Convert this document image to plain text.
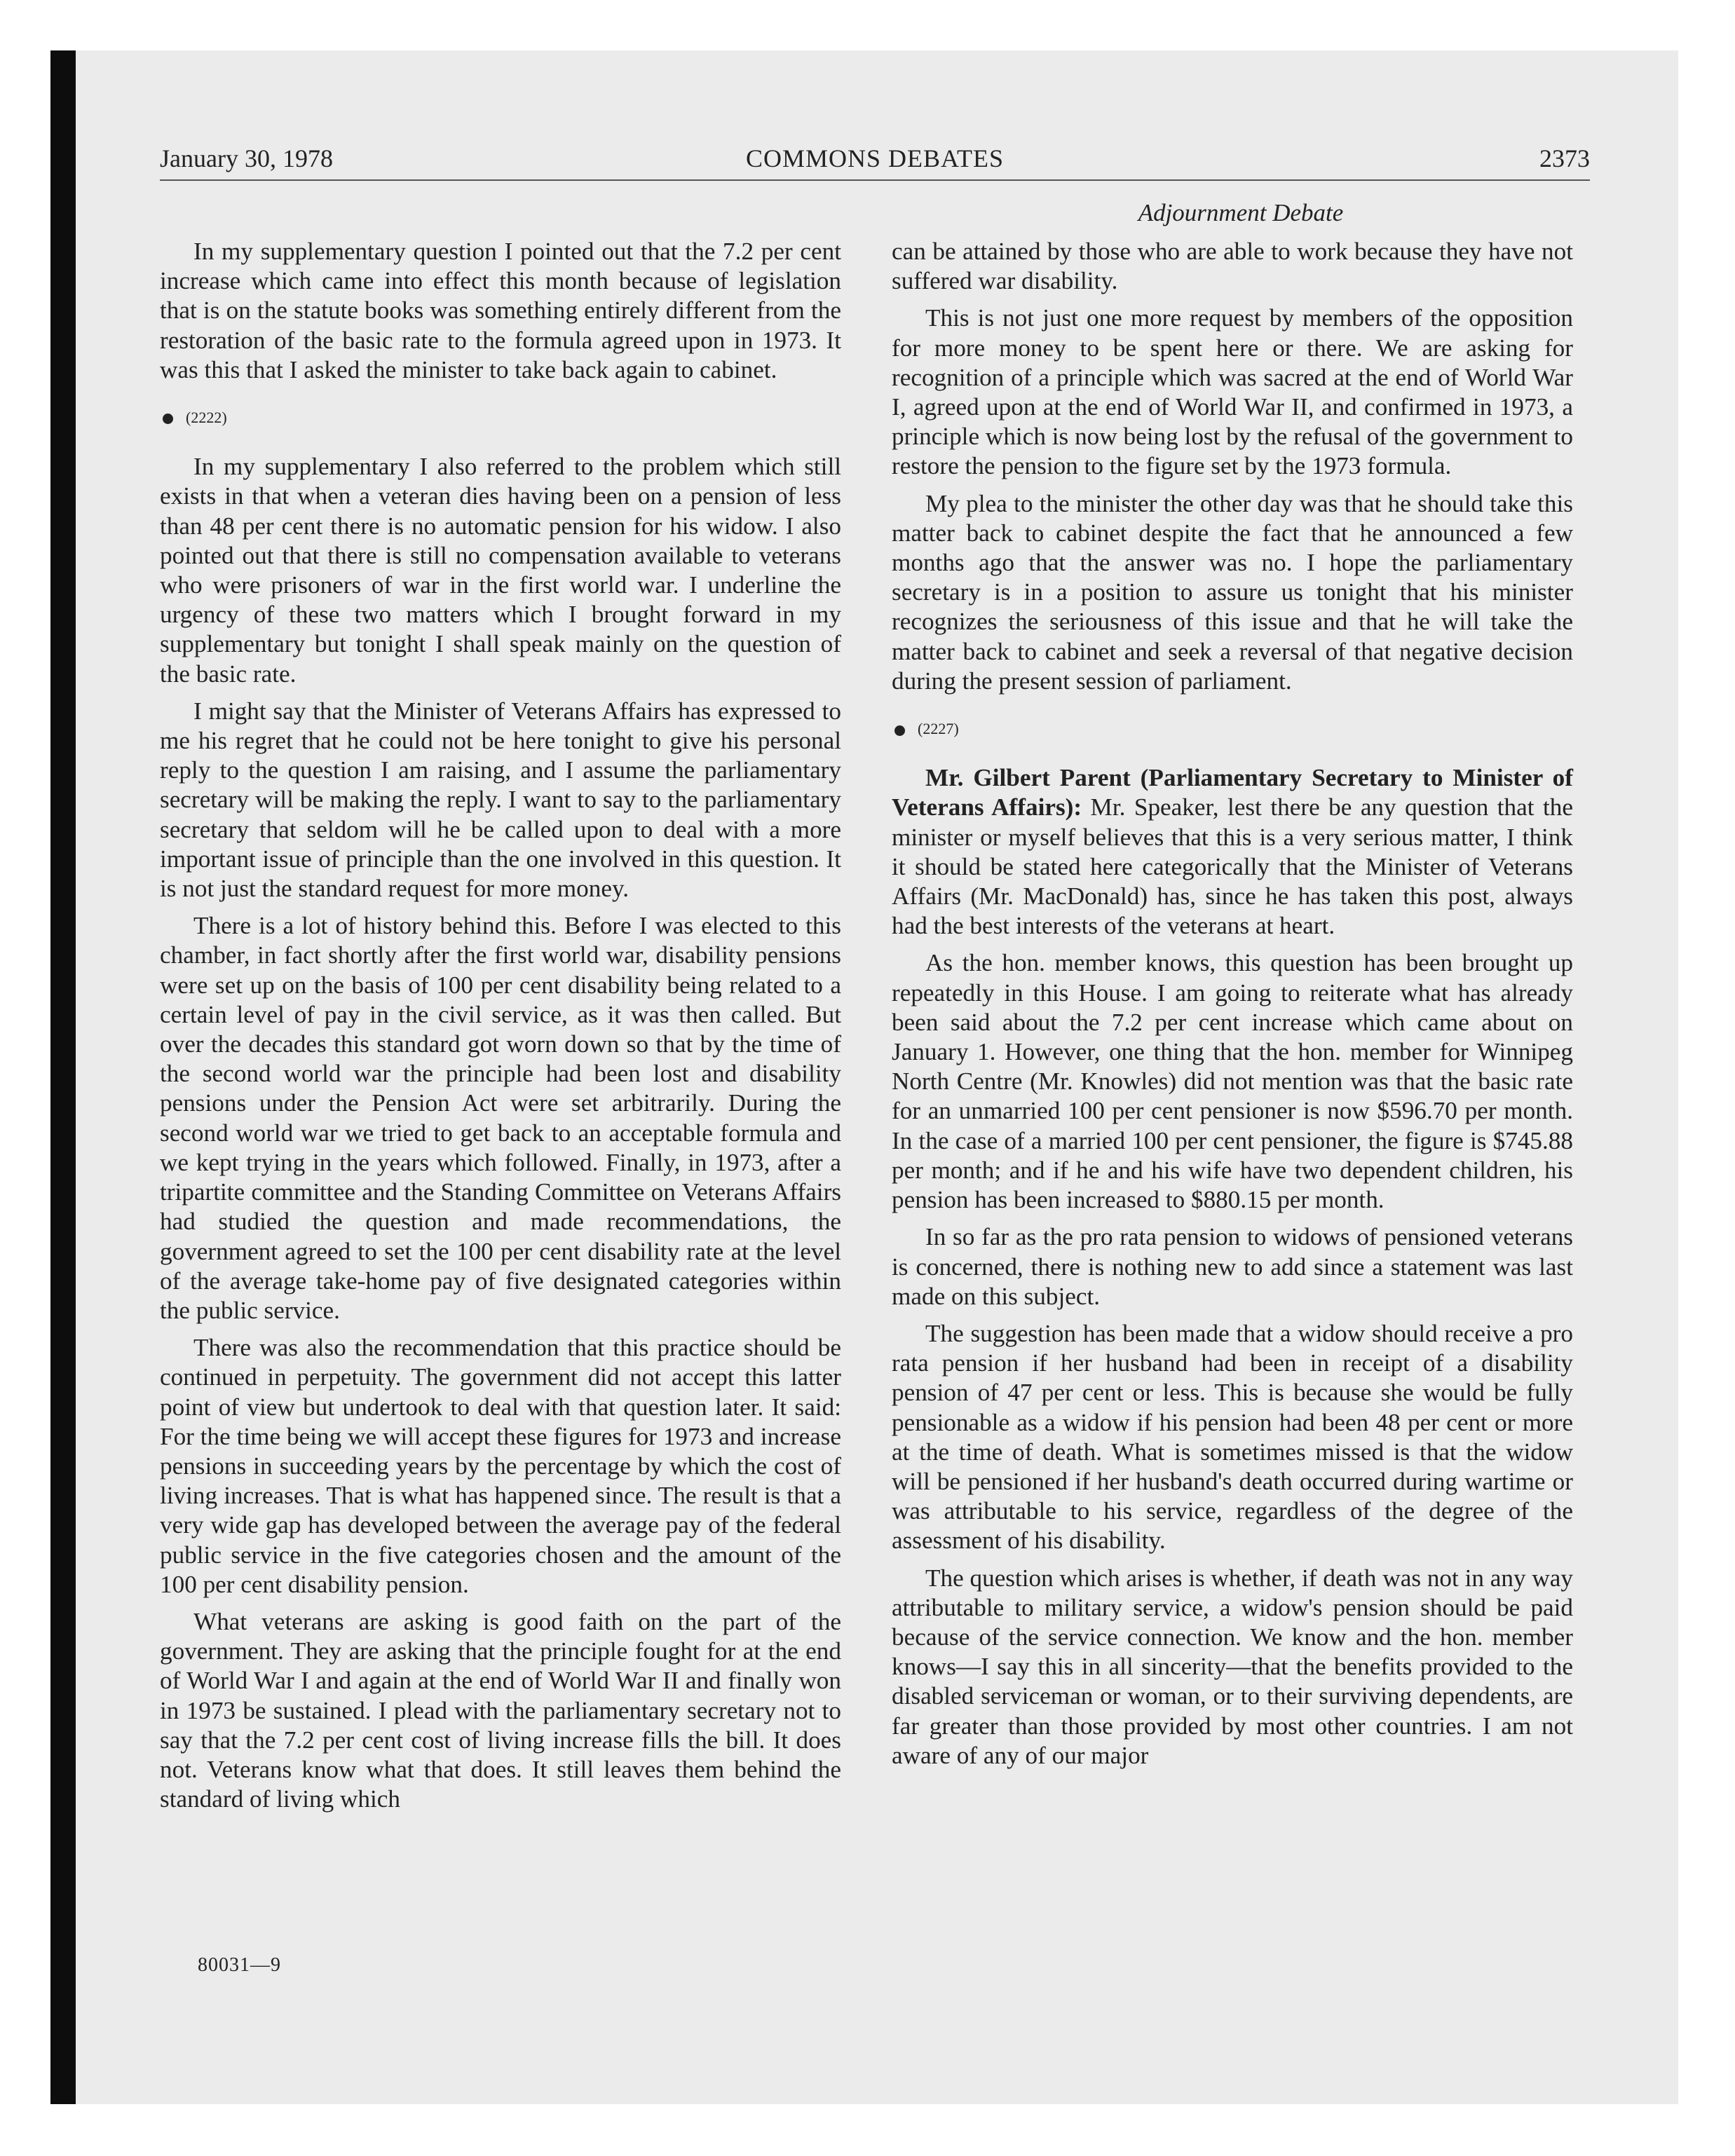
January 30, 1978	COMMONS DEBATES	2373
Adjournment Debate

In my supplementary question I pointed out that the 7.2 per cent increase which came into effect this month because of legislation that is on the statute books was something entirely different from the restoration of the basic rate to the formula agreed upon in 1973. It was this that I asked the minister to take back again to cabinet.

(2222)

In my supplementary I also referred to the problem which still exists in that when a veteran dies having been on a pension of less than 48 per cent there is no automatic pension for his widow. I also pointed out that there is still no compensation available to veterans who were prisoners of war in the first world war. I underline the urgency of these two matters which I brought forward in my supplementary but tonight I shall speak mainly on the question of the basic rate.

I might say that the Minister of Veterans Affairs has expressed to me his regret that he could not be here tonight to give his personal reply to the question I am raising, and I assume the parliamentary secretary will be making the reply. I want to say to the parliamentary secretary that seldom will he be called upon to deal with a more important issue of principle than the one involved in this question. It is not just the standard request for more money.

There is a lot of history behind this. Before I was elected to this chamber, in fact shortly after the first world war, disability pensions were set up on the basis of 100 per cent disability being related to a certain level of pay in the civil service, as it was then called. But over the decades this standard got worn down so that by the time of the second world war the principle had been lost and disability pensions under the Pension Act were set arbitrarily. During the second world war we tried to get back to an acceptable formula and we kept trying in the years which followed. Finally, in 1973, after a tripartite committee and the Standing Committee on Veterans Affairs had studied the question and made recommendations, the government agreed to set the 100 per cent disability rate at the level of the average take-home pay of five designated categories within the public service.

There was also the recommendation that this practice should be continued in perpetuity. The government did not accept this latter point of view but undertook to deal with that question later. It said: For the time being we will accept these figures for 1973 and increase pensions in succeeding years by the percentage by which the cost of living increases. That is what has happened since. The result is that a very wide gap has developed between the average pay of the federal public service in the five categories chosen and the amount of the 100 per cent disability pension.

What veterans are asking is good faith on the part of the government. They are asking that the principle fought for at the end of World War I and again at the end of World War II and finally won in 1973 be sustained. I plead with the parliamentary secretary not to say that the 7.2 per cent cost of living increase fills the bill. It does not. Veterans know what that does. It still leaves them behind the standard of living which

can be attained by those who are able to work because they have not suffered war disability.

This is not just one more request by members of the opposition for more money to be spent here or there. We are asking for recognition of a principle which was sacred at the end of World War I, agreed upon at the end of World War II, and confirmed in 1973, a principle which is now being lost by the refusal of the government to restore the pension to the figure set by the 1973 formula.

My plea to the minister the other day was that he should take this matter back to cabinet despite the fact that he announced a few months ago that the answer was no. I hope the parliamentary secretary is in a position to assure us tonight that his minister recognizes the seriousness of this issue and that he will take the matter back to cabinet and seek a reversal of that negative decision during the present session of parliament.

(2227)

Mr. Gilbert Parent (Parliamentary Secretary to Minister of Veterans Affairs): Mr. Speaker, lest there be any question that the minister or myself believes that this is a very serious matter, I think it should be stated here categorically that the Minister of Veterans Affairs (Mr. MacDonald) has, since he has taken this post, always had the best interests of the veterans at heart.

As the hon. member knows, this question has been brought up repeatedly in this House. I am going to reiterate what has already been said about the 7.2 per cent increase which came about on January 1. However, one thing that the hon. member for Winnipeg North Centre (Mr. Knowles) did not mention was that the basic rate for an unmarried 100 per cent pensioner is now $596.70 per month. In the case of a married 100 per cent pensioner, the figure is $745.88 per month; and if he and his wife have two dependent children, his pension has been increased to $880.15 per month.

In so far as the pro rata pension to widows of pensioned veterans is concerned, there is nothing new to add since a statement was last made on this subject.

The suggestion has been made that a widow should receive a pro rata pension if her husband had been in receipt of a disability pension of 47 per cent or less. This is because she would be fully pensionable as a widow if his pension had been 48 per cent or more at the time of death. What is sometimes missed is that the widow will be pensioned if her husband's death occurred during wartime or was attributable to his service, regardless of the degree of the assessment of his disability.

The question which arises is whether, if death was not in any way attributable to military service, a widow's pension should be paid because of the service connection. We know and the hon. member knows—I say this in all sincerity—that the benefits provided to the disabled serviceman or woman, or to their surviving dependents, are far greater than those provided by most other countries. I am not aware of any of our major

80031—9
